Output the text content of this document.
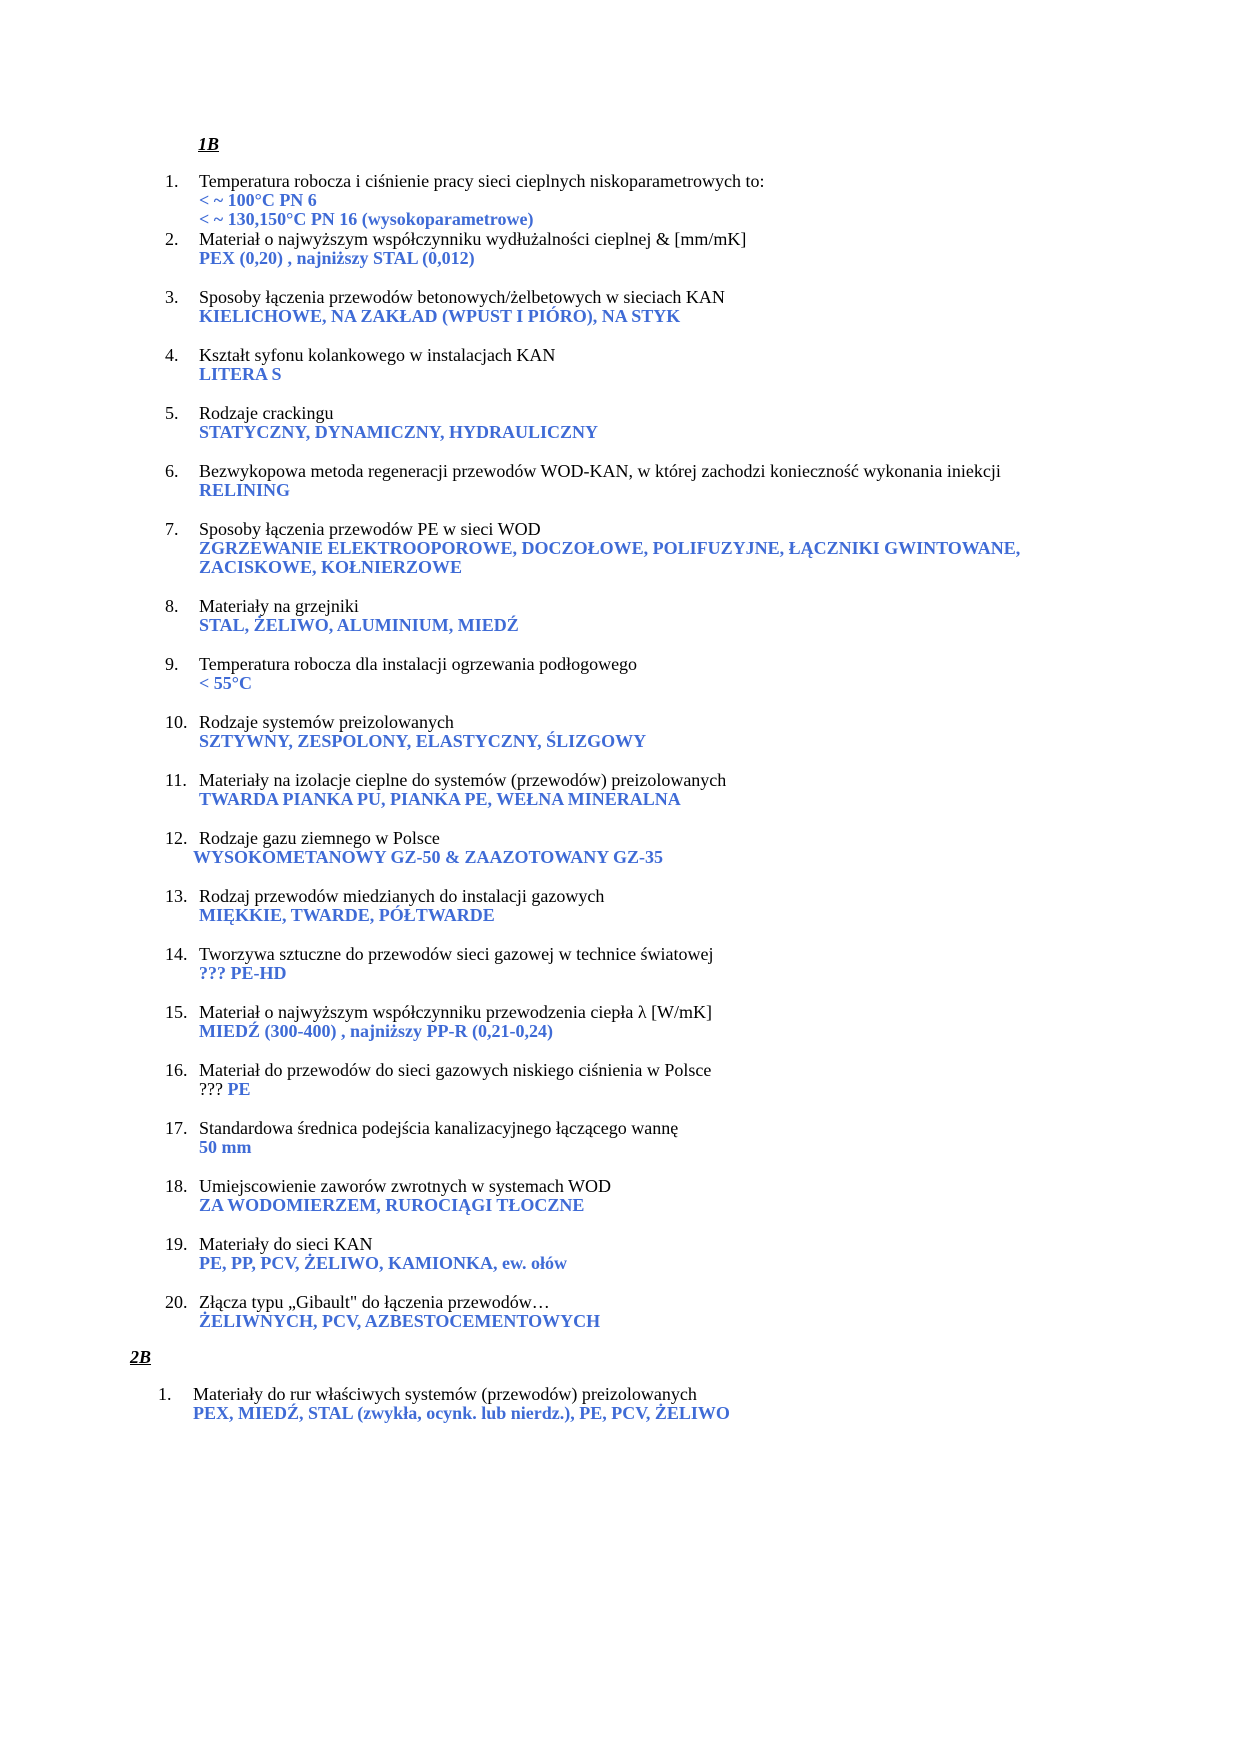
1B
1. Temperatura robocza i ciśnienie pracy sieci cieplnych niskoparametrowych to:
< ~ 100°C PN 6
< ~ 130,150°C PN 16 (wysokoparametrowe)
2. Materiał o najwyższym współczynniku wydłużalności cieplnej & [mm/mK]
PEX (0,20) , najniższy STAL (0,012)
3. Sposoby łączenia przewodów betonowych/żelbetowych w sieciach KAN
KIELICHOWE, NA ZAKŁAD (WPUST I PIÓRO), NA STYK
4. Kształt syfonu kolankowego w instalacjach KAN
LITERA S
5. Rodzaje crackingu
STATYCZNY, DYNAMICZNY, HYDRAULICZNY
6. Bezwykopowa metoda regeneracji przewodów WOD-KAN, w której zachodzi konieczność wykonania iniekcji
RELINING
7. Sposoby łączenia przewodów PE w sieci WOD
ZGRZEWANIE ELEKTROOPOROWE, DOCZOŁOWE, POLIFUZYJNE, ŁĄCZNIKI GWINTOWANE,
ZACISKOWE, KOŁNIERZOWE
8. Materiały na grzejniki
STAL, ŻELIWO, ALUMINIUM, MIEDŹ
9. Temperatura robocza dla instalacji ogrzewania podłogowego
< 55°C
10. Rodzaje systemów preizolowanych
SZTYWNY, ZESPOLONY, ELASTYCZNY, ŚLIZGOWY
11. Materiały na izolacje cieplne do systemów (przewodów) preizolowanych
TWARDA PIANKA PU, PIANKA PE, WEŁNA MINERALNA
12. Rodzaje gazu ziemnego w Polsce
WYSOKOMETANOWY GZ-50 & ZAAZOTOWANY GZ-35
13. Rodzaj przewodów miedzianych do instalacji gazowych
MIĘKKIE, TWARDE, PÓŁTWARDE
14. Tworzywa sztuczne do przewodów sieci gazowej w technice światowej
??? PE-HD
15. Materiał o najwyższym współczynniku przewodzenia ciepła λ [W/mK]
MIEDŹ (300-400) , najniższy PP-R (0,21-0,24)
16. Materiał do przewodów do sieci gazowych niskiego ciśnienia w Polsce
??? PE
17. Standardowa średnica podejścia kanalizacyjnego łączącego wannę
50 mm
18. Umiejscowienie zaworów zwrotnych w systemach WOD
ZA WODOMIERZEM, RUROCIĄGI TŁOCZNE
19. Materiały do sieci KAN
PE, PP, PCV, ŻELIWO, KAMIONKA, ew. ołów
20. Złącza typu „Gibault" do łączenia przewodów…
ŻELIWNYCH, PCV, AZBESTOCEMENTOWYCH
2B
1. Materiały do rur właściwych systemów (przewodów) preizolowanych
PEX, MIEDŹ, STAL (zwykła, ocynk. lub nierdz.), PE, PCV, ŻELIWO
